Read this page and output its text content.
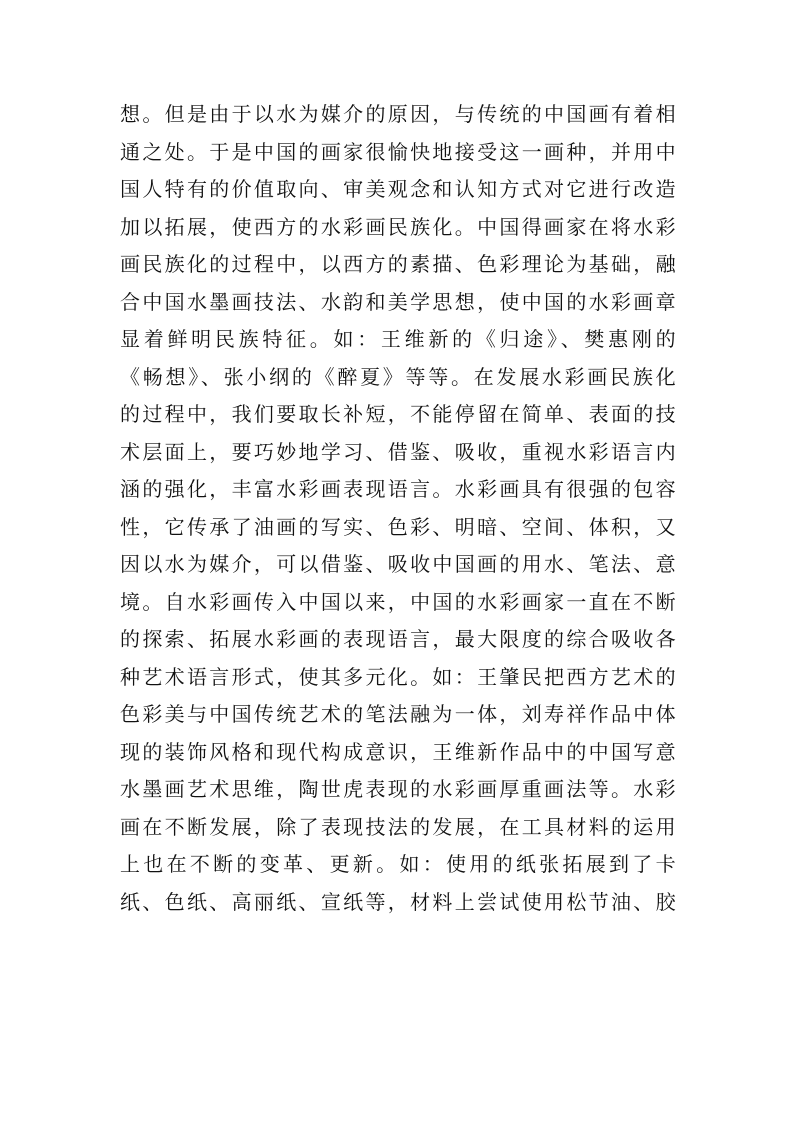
想。但是由于以水为媒介的原因，与传统的中国画有着相
通之处。于是中国的画家很愉快地接受这一画种，并用中
国人特有的价值取向、审美观念和认知方式对它进行改造
加以拓展，使西方的水彩画民族化。中国得画家在将水彩
画民族化的过程中，以西方的素描、色彩理论为基础，融
合中国水墨画技法、水韵和美学思想，使中国的水彩画章
显着鲜明民族特征。如：王维新的《归途》、樊惠刚的
《畅想》、张小纲的《醉夏》等等。在发展水彩画民族化
的过程中，我们要取长补短，不能停留在简单、表面的技
术层面上，要巧妙地学习、借鉴、吸收，重视水彩语言内
涵的强化，丰富水彩画表现语言。水彩画具有很强的包容
性，它传承了油画的写实、色彩、明暗、空间、体积，又
因以水为媒介，可以借鉴、吸收中国画的用水、笔法、意
境。自水彩画传入中国以来，中国的水彩画家一直在不断
的探索、拓展水彩画的表现语言，最大限度的综合吸收各
种艺术语言形式，使其多元化。如：王肇民把西方艺术的
色彩美与中国传统艺术的笔法融为一体，刘寿祥作品中体
现的装饰风格和现代构成意识，王维新作品中的中国写意
水墨画艺术思维，陶世虎表现的水彩画厚重画法等。水彩
画在不断发展，除了表现技法的发展，在工具材料的运用
上也在不断的变革、更新。如：使用的纸张拓展到了卡
纸、色纸、高丽纸、宣纸等，材料上尝试使用松节油、胶
